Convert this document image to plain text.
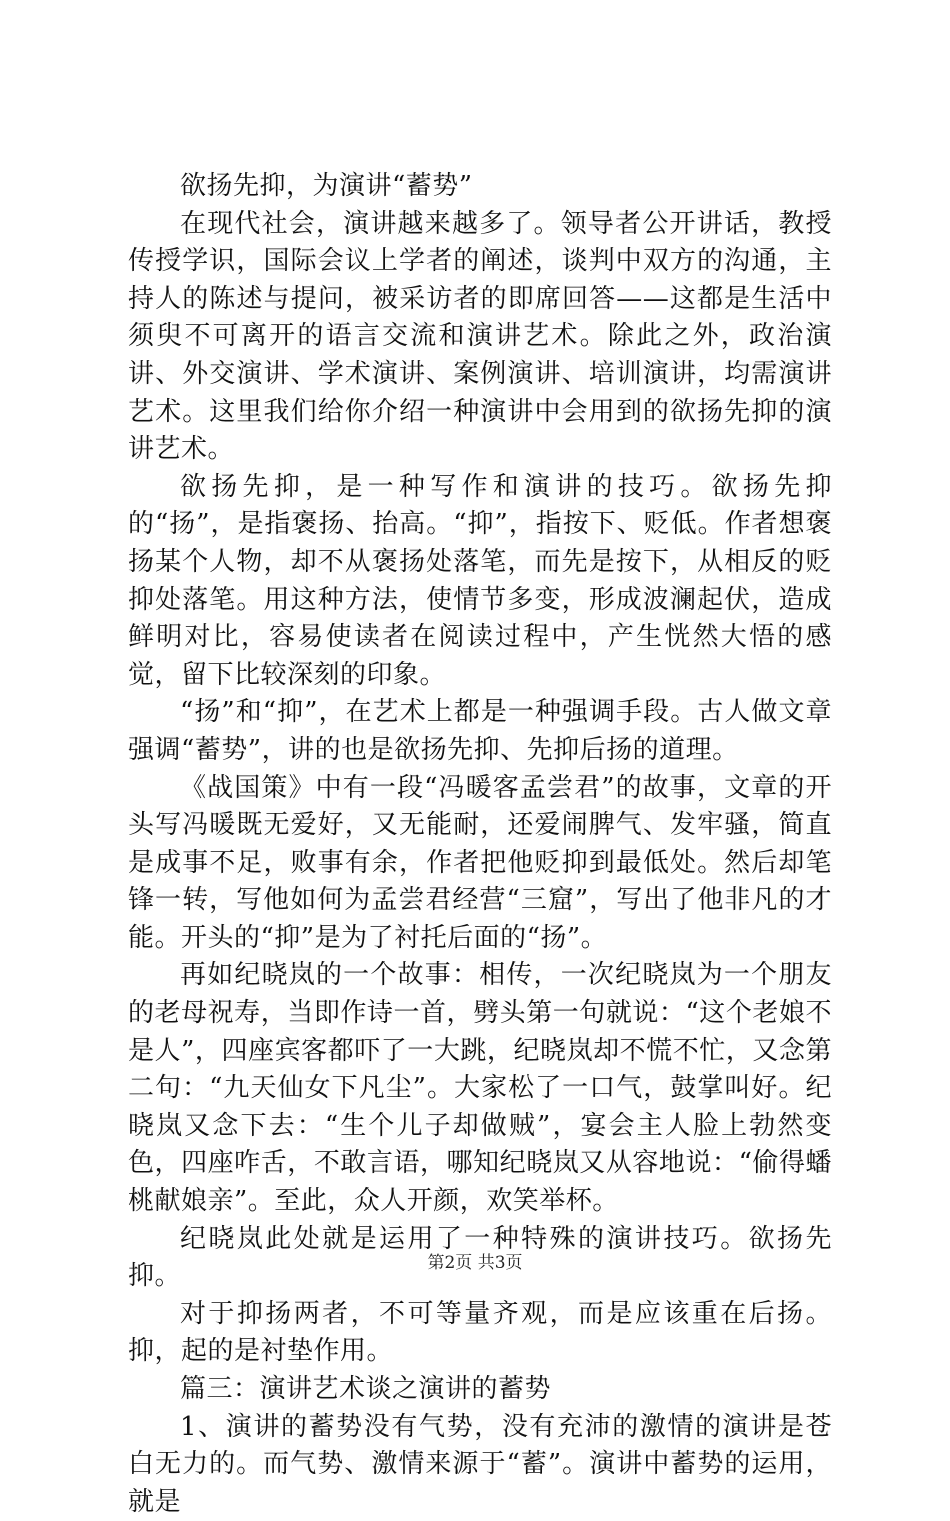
欲扬先抑，为演讲“蓄势”

在现代社会，演讲越来越多了。领导者公开讲话，教授传授学识，国际会议上学者的阐述，谈判中双方的沟通，主持人的陈述与提问，被采访者的即席回答——这都是生活中须臾不可离开的语言交流和演讲艺术。除此之外，政治演讲、外交演讲、学术演讲、案例演讲、培训演讲，均需演讲艺术。这里我们给你介绍一种演讲中会用到的欲扬先抑的演讲艺术。

欲扬先抑，是一种写作和演讲的技巧。欲扬先抑的“扬”，是指褒扬、抬高。“抑”，指按下、贬低。作者想褒扬某个人物，却不从褒扬处落笔，而先是按下，从相反的贬抑处落笔。用这种方法，使情节多变，形成波澜起伏，造成鲜明对比，容易使读者在阅读过程中，产生恍然大悟的感觉，留下比较深刻的印象。

“扬”和“抑”，在艺术上都是一种强调手段。古人做文章强调“蓄势”，讲的也是欲扬先抑、先抑后扬的道理。

《战国策》中有一段“冯暖客孟尝君”的故事，文章的开头写冯暖既无爱好，又无能耐，还爱闹脾气、发牢骚，简直是成事不足，败事有余，作者把他贬抑到最低处。然后却笔锋一转，写他如何为孟尝君经营“三窟”，写出了他非凡的才能。开头的“抑”是为了衬托后面的“扬”。

再如纪晓岚的一个故事：相传，一次纪晓岚为一个朋友的老母祝寿，当即作诗一首，劈头第一句就说：“这个老娘不是人”，四座宾客都吓了一大跳，纪晓岚却不慌不忙，又念第二句：“九天仙女下凡尘”。大家松了一口气，鼓掌叫好。纪晓岚又念下去：“生个儿子却做贼”，宴会主人脸上勃然变色，四座咋舌，不敢言语，哪知纪晓岚又从容地说：“偷得蟠桃献娘亲”。至此，众人开颜，欢笑举杯。

纪晓岚此处就是运用了一种特殊的演讲技巧。欲扬先抑。

对于抑扬两者，不可等量齐观，而是应该重在后扬。抑，起的是衬垫作用。

篇三：演讲艺术谈之演讲的蓄势

1、演讲的蓄势没有气势，没有充沛的激情的演讲是苍白无力的。而气势、激情来源于“蓄”。演讲中蓄势的运用，就是

第2页 共3页
